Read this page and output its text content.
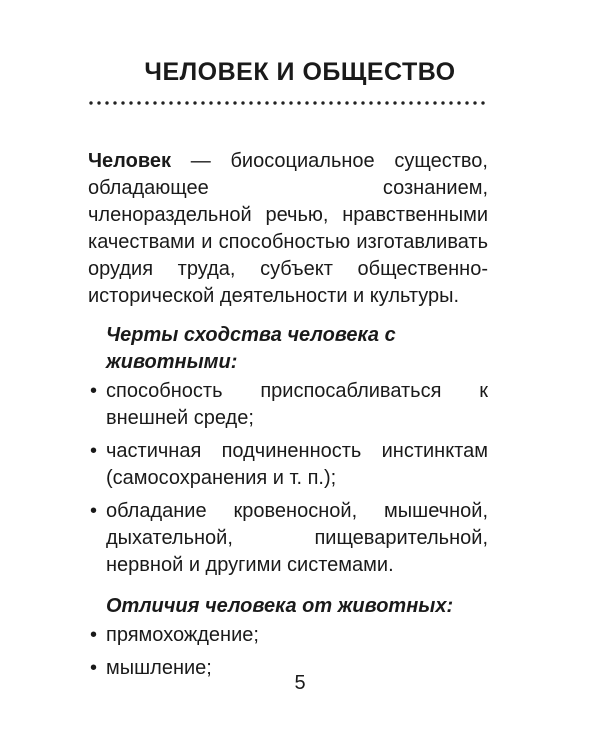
ЧЕЛОВЕК И ОБЩЕСТВО

Человек — биосоциальное существо, обладающее сознанием, членораздельной речью, нравственными качествами и способностью изготавливать орудия труда, субъект общественно-исторической деятельности и культуры.

Черты сходства человека с животными:

• способность приспосабливаться к внешней среде;
• частичная подчиненность инстинктам (самосохранения и т. п.);
• обладание кровеносной, мышечной, дыхательной, пищеварительной, нервной и другими системами.

Отличия человека от животных:

• прямохождение;
• мышление;
5
